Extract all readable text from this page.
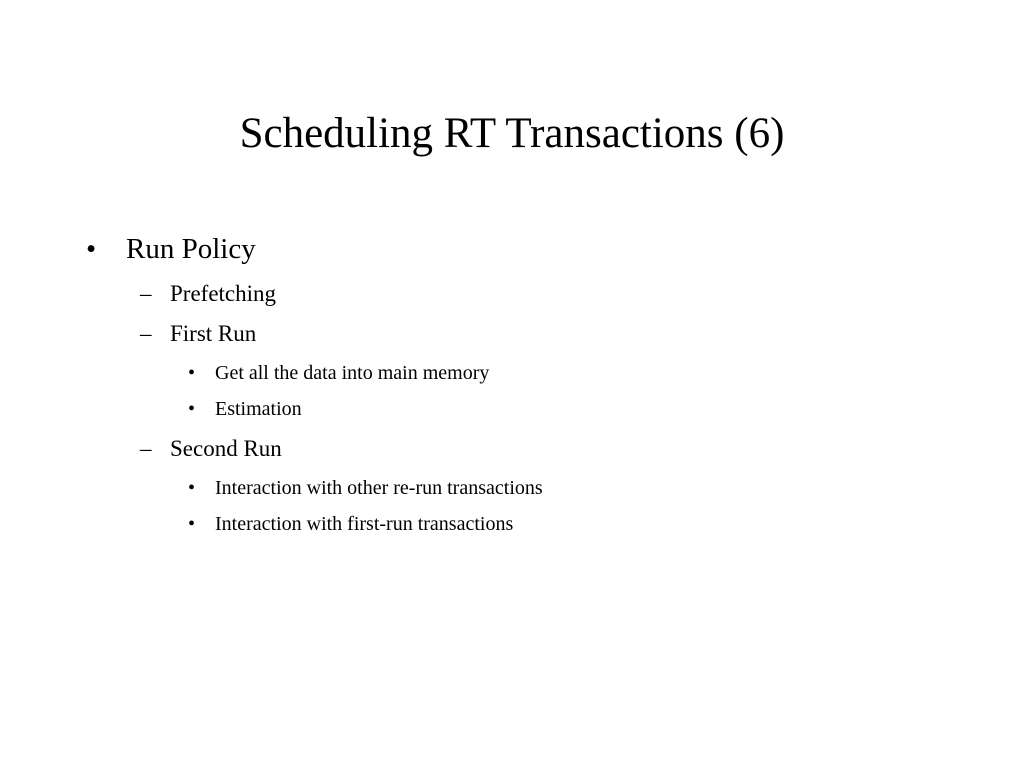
Scheduling RT Transactions (6)
• Run Policy
– Prefetching
– First Run
• Get all the data into main memory
• Estimation
– Second Run
• Interaction with other re-run transactions
• Interaction with first-run transactions
